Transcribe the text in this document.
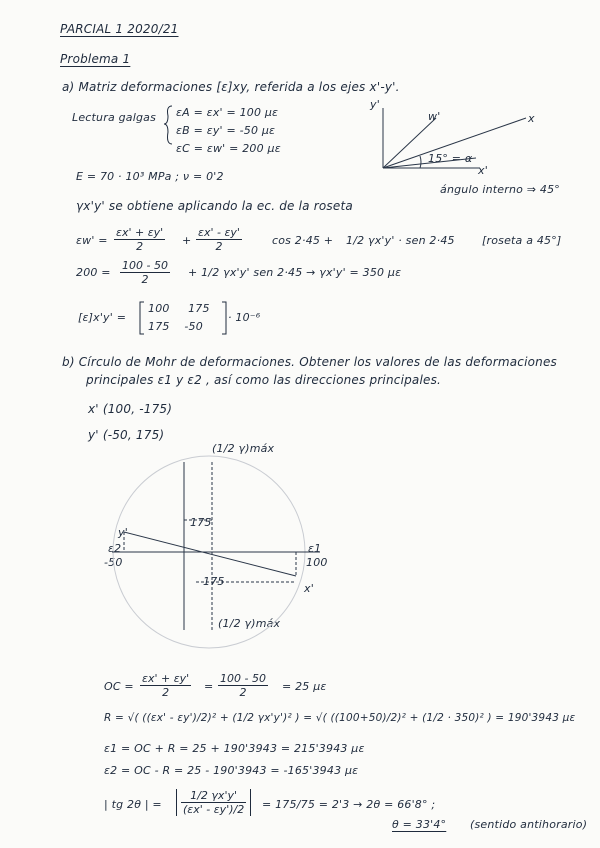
PARCIAL 1 2020/21
Problema 1
a) Matriz deformaciones [ε]xy, referida a los ejes x'-y'.
Lectura galgas εA = εx' = 100 με
εB = εy' = -50 με
εC = εw' = 200 με
E = 70 · 10³ MPa ; ν = 0'2
y'
w'	x
x'
15° = α
ángulo interno ⇒ 45°
γx'y' se obtiene aplicando la ec. de la roseta
$\varepsilon w' = \frac{\varepsilon x' + \varepsilon y'}{2} + \frac{\varepsilon x' - \varepsilon y'}{2}$	cos 2·45 + 1/2 γx'y' · sen 2·45 [roseta a 45°]
$200 = \frac{100 - 50}{2} + 1/2$ γx'y' sen 2·45 → γx'y' = 350 με
[ε]x'y' =
100     175
175    -50
· 10⁻⁶
b) Círculo de Mohr de deformaciones. Obtener los valores de las deformaciones
principales ε1 y ε2 , así como las direcciones principales.
x' (100, -175)
y' (-50, 175)
(1/2 γ)máx
(1/2 γ)máx
175
175
100
-50
ε1
ε2
x'
y'
OC = $\frac{\varepsilon x' + \varepsilon y'}{2} = \frac{100 - 50}{2} = 25$ με
R = √( ((εx' - εy')/2)² + (1/2 γx'y')² ) = √( ((100+50)/2)² + (1/2 · 350)² ) = 190'3943 με
ε1 = OC + R = 25 + 190'3943 = 215'3943 με
ε2 = OC - R = 25 - 190'3943 = -165'3943 με
| tg 2θ | = $\frac{1/2 \gamma x'y'}{(\varepsilon x' - \varepsilon y')/2} = 175/75 = 2'3 \to 2\theta = 66'8^\circ$ ;
θ = 33'4° (sentido antihorario)
